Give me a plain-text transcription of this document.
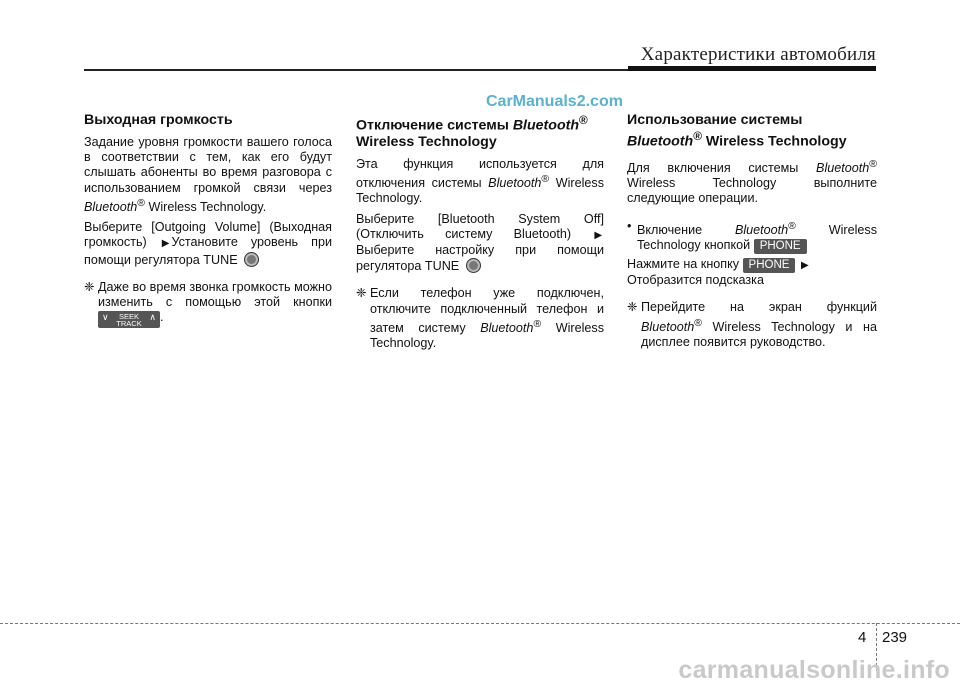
Характеристики автомобиля
CarManuals2.com
Выходная громкость

Задание уровня громкости вашего голоса в соответствии с тем, как его будут слышать абоненты во время разговора с использованием громкой связи через Bluetooth® Wireless Technology.

Выберите [Outgoing Volume] (Выходная громкость) ▶ Установите уровень при помощи регулятора TUNE

❈ Даже во время звонка громкость можно изменить с помощью этой кнопки
∨ SEEK
TRACK
∧ .
Отключение системы Bluetooth®
Wireless Technology

Эта функция используется для отключения системы Bluetooth® Wireless Technology.

Выберите [Bluetooth System Off] (Отключить систему Bluetooth) ▶ Выберите настройку при помощи регулятора TUNE

❈ Если телефон уже подключен, отключите подключенный телефон и затем систему Bluetooth® Wireless Technology.
Использование системы
Bluetooth® Wireless Technology

Для включения системы Bluetooth® Wireless Technology выполните следующие операции.

• Включение	Bluetooth® Wireless Technology кнопкой PHONE

Нажмите на кнопку PHONE ▶
Отобразится подсказка

❈ Перейдите на экран функций Bluetooth® Wireless Technology и на дисплее появится руководство.
4 239
carmanualsonline.info
